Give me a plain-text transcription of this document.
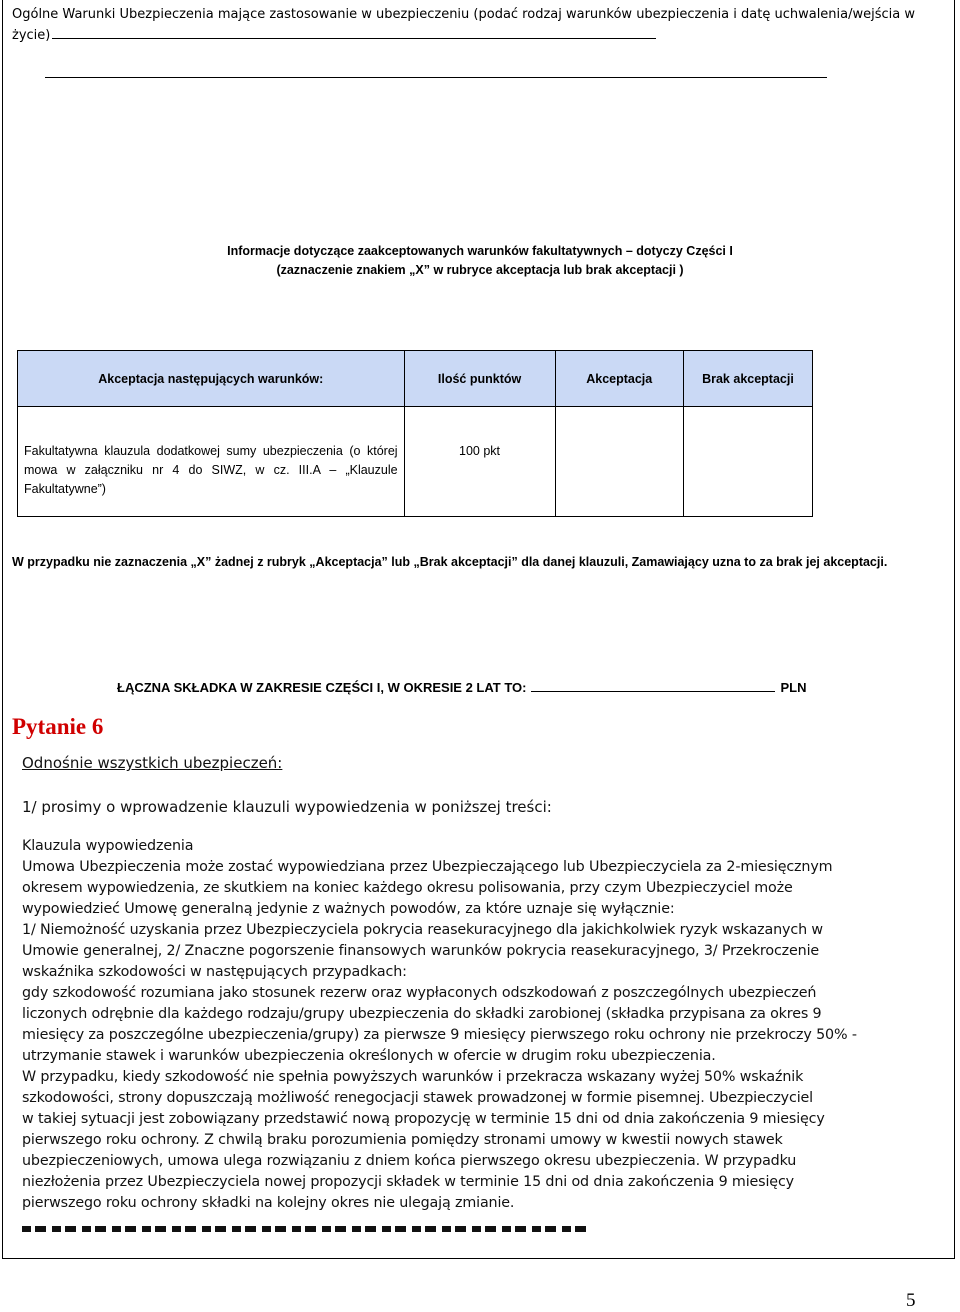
Ogólne Warunki Ubezpieczenia mające zastosowanie w ubezpieczeniu (podać rodzaj warunków ubezpieczenia i datę uchwalenia/wejścia w
życie)
Informacje dotyczące zaakceptowanych warunków fakultatywnych – dotyczy Części I
(zaznaczenie znakiem „X” w rubryce akceptacja lub brak akceptacji )
Akceptacja następujących warunków:	Ilość punktów	Akceptacja	Brak akceptacji

Fakultatywna klauzula dodatkowej sumy ubezpieczenia (o której mowa w załączniku nr 4 do SIWZ, w cz. III.A – „Klauzule Fakultatywne”)	100 pkt		

W przypadku nie zaznaczenia „X” żadnej z rubryk „Akceptacja” lub „Brak akceptacji” dla danej klauzuli, Zamawiający uzna to za brak jej akceptacji.
ŁĄCZNA SKŁADKA W ZAKRESIE CZĘŚCI I, W OKRESIE 2 LAT TO:	PLN
Pytanie 6

Odnośnie wszystkich ubezpieczeń:

1/ prosimy o wprowadzenie klauzuli wypowiedzenia w poniższej treści:

Klauzula wypowiedzenia

Umowa Ubezpieczenia może zostać wypowiedziana przez Ubezpieczającego lub Ubezpieczyciela za 2-miesięcznym

okresem wypowiedzenia, ze skutkiem na koniec każdego okresu polisowania, przy czym Ubezpieczyciel może

wypowiedzieć Umowę generalną jedynie z ważnych powodów, za które uznaje się wyłącznie:

1/ Niemożność uzyskania przez Ubezpieczyciela pokrycia reasekuracyjnego dla jakichkolwiek ryzyk wskazanych w

Umowie generalnej, 2/ Znaczne pogorszenie finansowych warunków pokrycia reasekuracyjnego, 3/ Przekroczenie

wskaźnika szkodowości w następujących przypadkach:

gdy szkodowość rozumiana jako stosunek rezerw oraz wypłaconych odszkodowań z poszczególnych ubezpieczeń

liczonych odrębnie dla każdego rodzaju/grupy ubezpieczenia do składki zarobionej (składka przypisana za okres 9

miesięcy za poszczególne ubezpieczenia/grupy) za pierwsze 9 miesięcy pierwszego roku ochrony nie przekroczy 50% -

utrzymanie stawek i warunków ubezpieczenia określonych w ofercie w drugim roku ubezpieczenia.

W przypadku, kiedy szkodowość nie spełnia powyższych warunków i przekracza wskazany wyżej 50% wskaźnik

szkodowości, strony dopuszczają możliwość renegocjacji stawek prowadzonej w formie pisemnej. Ubezpieczyciel

w takiej sytuacji jest zobowiązany przedstawić nową propozycję w terminie 15 dni od dnia zakończenia 9 miesięcy

pierwszego roku ochrony. Z chwilą braku porozumienia pomiędzy stronami umowy w kwestii nowych stawek

ubezpieczeniowych, umowa ulega rozwiązaniu z dniem końca pierwszego okresu ubezpieczenia. W przypadku

niezłożenia przez Ubezpieczyciela nowej propozycji składek w terminie 15 dni od dnia zakończenia 9 miesięcy

pierwszego roku ochrony składki na kolejny okres nie ulegają zmianie.

5
